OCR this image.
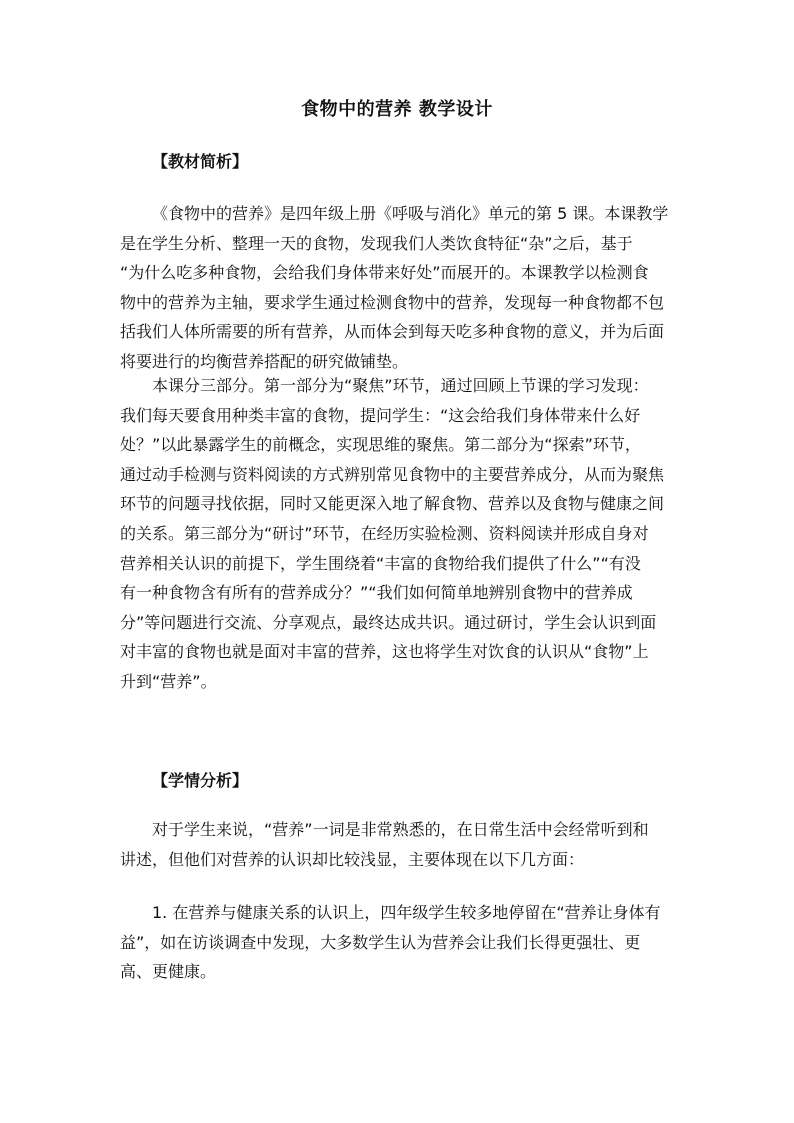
食物中的营养 教学设计
【教材简析】
《食物中的营养》是四年级上册《呼吸与消化》单元的第 5 课。本课教学
是在学生分析、整理一天的食物，发现我们人类饮食特征“杂”之后，基于
“为什么吃多种食物，会给我们身体带来好处”而展开的。本课教学以检测食
物中的营养为主轴，要求学生通过检测食物中的营养，发现每一种食物都不包
括我们人体所需要的所有营养，从而体会到每天吃多种食物的意义，并为后面
将要进行的均衡营养搭配的研究做铺垫。
本课分三部分。第一部分为“聚焦”环节，通过回顾上节课的学习发现：
我们每天要食用种类丰富的食物，提问学生：“这会给我们身体带来什么好
处？”以此暴露学生的前概念，实现思维的聚焦。第二部分为“探索”环节，
通过动手检测与资料阅读的方式辨别常见食物中的主要营养成分，从而为聚焦
环节的问题寻找依据，同时又能更深入地了解食物、营养以及食物与健康之间
的关系。第三部分为“研讨”环节，在经历实验检测、资料阅读并形成自身对
营养相关认识的前提下，学生围绕着“丰富的食物给我们提供了什么”“有没
有一种食物含有所有的营养成分？”“我们如何简单地辨别食物中的营养成
分”等问题进行交流、分享观点，最终达成共识。通过研讨，学生会认识到面
对丰富的食物也就是面对丰富的营养，这也将学生对饮食的认识从“食物”上
升到“营养”。
【学情分析】
对于学生来说，“营养”一词是非常熟悉的，在日常生活中会经常听到和
讲述，但他们对营养的认识却比较浅显，主要体现在以下几方面：
1. 在营养与健康关系的认识上，四年级学生较多地停留在“营养让身体有
益”，如在访谈调查中发现，大多数学生认为营养会让我们长得更强壮、更
高、更健康。
